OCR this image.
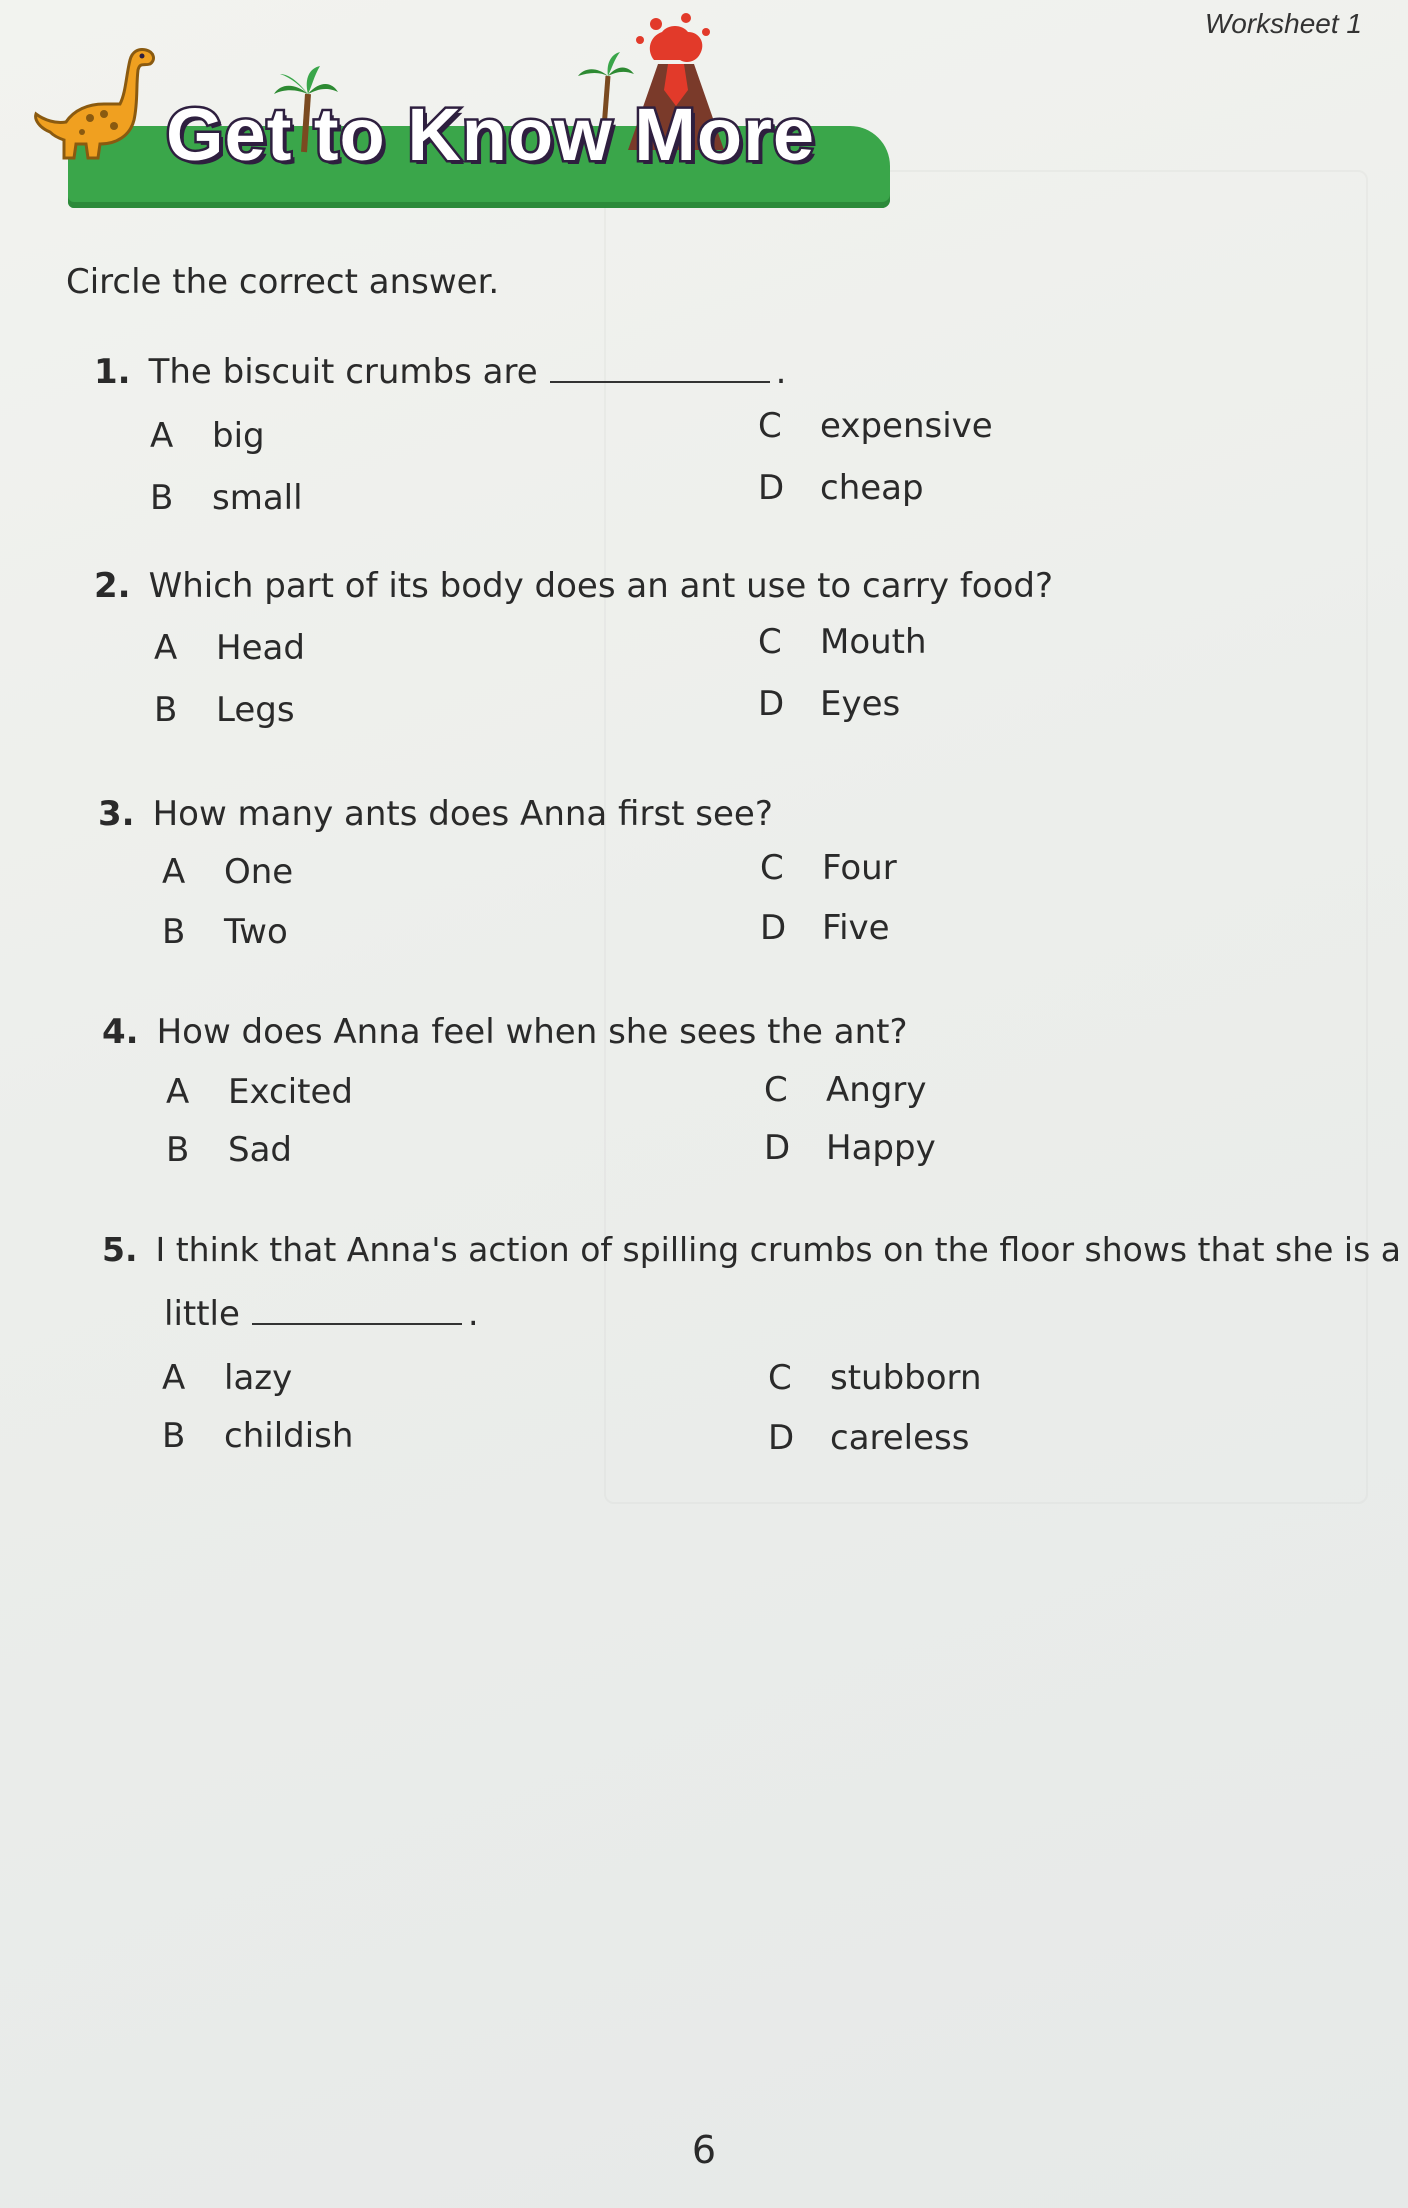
Worksheet 1
Get to Know More
Circle the correct answer.
1. The biscuit crumbs are	.
A big
B small
C expensive
D cheap
2. Which part of its body does an ant use to carry food?
A Head
B Legs
C Mouth
D Eyes
3. How many ants does Anna first see?
A One
B Two
C Four
D Five
4. How does Anna feel when she sees the ant?
A Excited
B Sad
C Angry
D Happy
5. I think that Anna's action of spilling crumbs on the floor shows that she is a
little	.
A lazy
B childish
C stubborn
D careless
6
